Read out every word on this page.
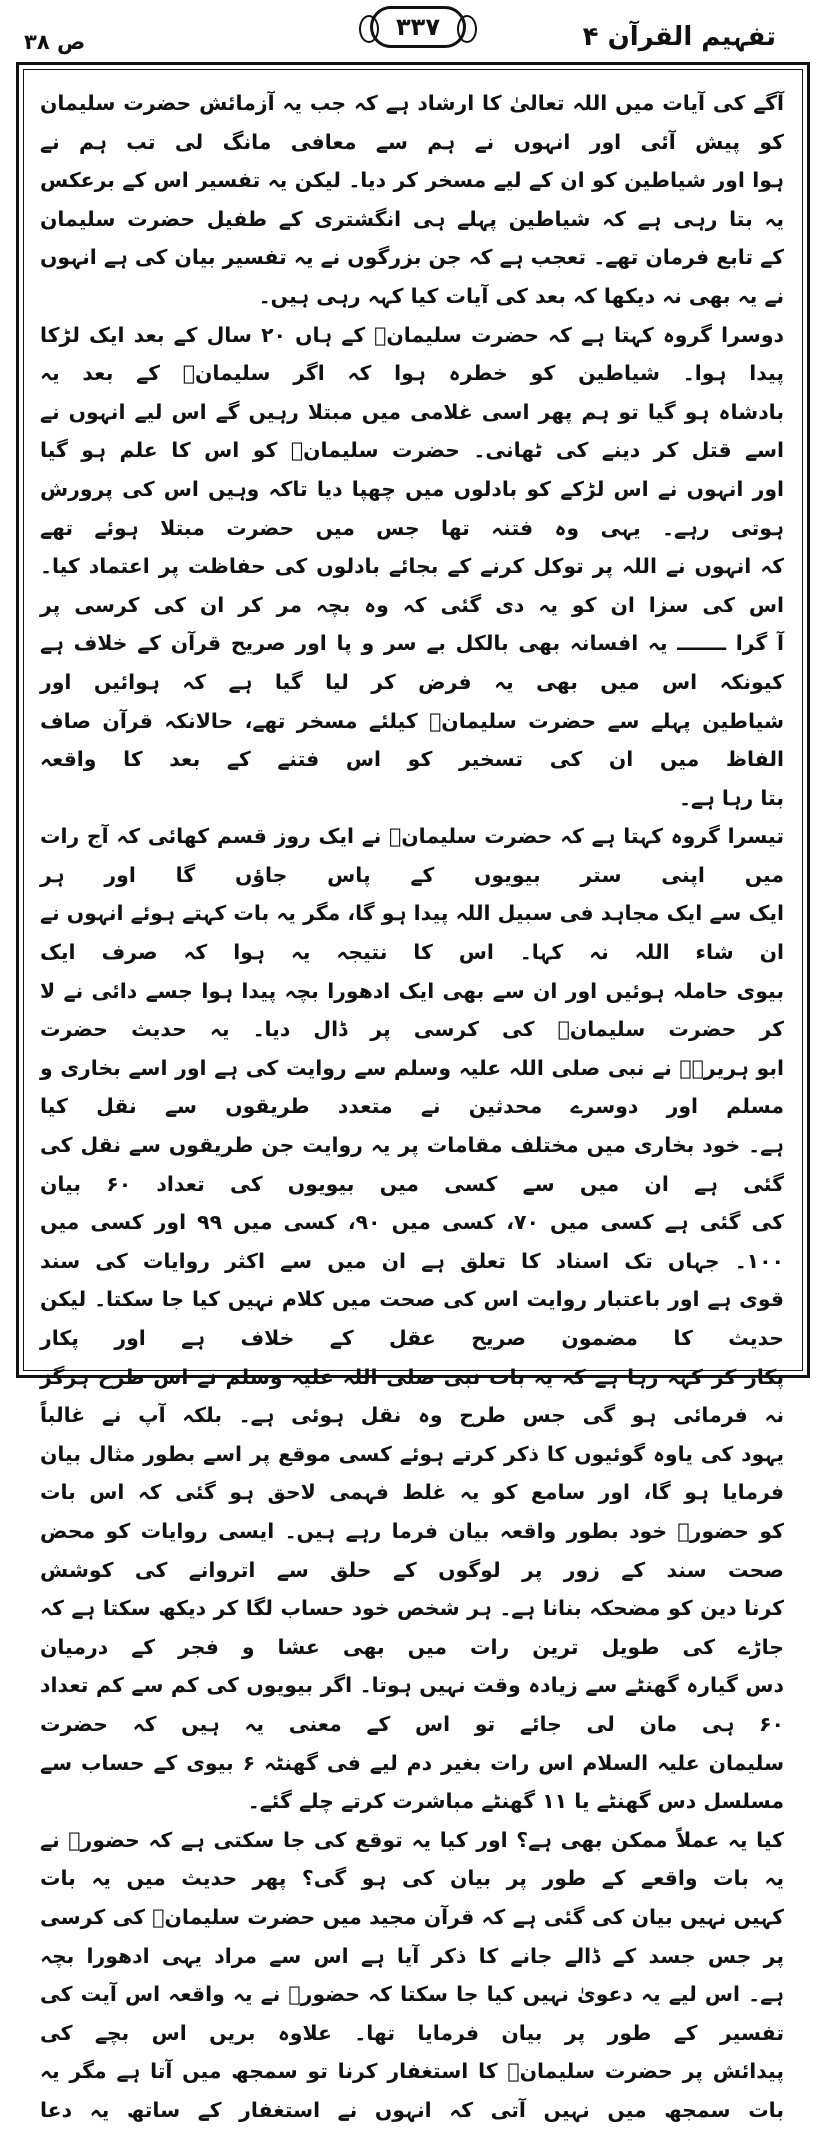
ص ٣٨
٣٣٧	تفہیم القرآن ۴

آگے کی آیات میں اللہ تعالیٰ کا ارشاد ہے کہ جب یہ آزمائش حضرت سلیمان کو پیش آئی اور انہوں نے ہم سے معافی مانگ لی تب ہم نے

ہوا اور شیاطین کو ان کے لیے مسخر کر دیا۔ لیکن یہ تفسیر اس کے برعکس یہ بتا رہی ہے کہ شیاطین پہلے ہی انگشتری کے طفیل حضرت سلیمان

کے تابع فرمان تھے۔ تعجب ہے کہ جن بزرگوں نے یہ تفسیر بیان کی ہے انہوں نے یہ بھی نہ دیکھا کہ بعد کی آیات کیا کہہ رہی ہیں۔

دوسرا گروہ کہتا ہے کہ حضرت سلیمانؑ کے ہاں ۲۰ سال کے بعد ایک لڑکا پیدا ہوا۔ شیاطین کو خطرہ ہوا کہ اگر سلیمانؑ کے بعد یہ

بادشاہ ہو گیا تو ہم پھر اسی غلامی میں مبتلا رہیں گے اس لیے انہوں نے اسے قتل کر دینے کی ٹھانی۔ حضرت سلیمانؑ کو اس کا علم ہو گیا

اور انہوں نے اس لڑکے کو بادلوں میں چھپا دیا تاکہ وہیں اس کی پرورش ہوتی رہے۔ یہی وہ فتنہ تھا جس میں حضرت مبتلا ہوئے تھے

کہ انہوں نے اللہ پر توکل کرنے کے بجائے بادلوں کی حفاظت پر اعتماد کیا۔ اس کی سزا ان کو یہ دی گئی کہ وہ بچہ مر کر ان کی کرسی پر

آ گرا ـــــــ یہ افسانہ بھی بالکل بے سر و پا اور صریح قرآن کے خلاف ہے کیونکہ اس میں بھی یہ فرض کر لیا گیا ہے کہ ہوائیں اور

شیاطین پہلے سے حضرت سلیمانؑ کیلئے مسخر تھے، حالانکہ قرآن صاف الفاظ میں ان کی تسخیر کو اس فتنے کے بعد کا واقعہ

بتا رہا ہے۔

تیسرا گروہ کہتا ہے کہ حضرت سلیمانؑ نے ایک روز قسم کھائی کہ آج رات میں اپنی ستر بیویوں کے پاس جاؤں گا اور ہر

ایک سے ایک مجاہد فی سبیل اللہ پیدا ہو گا، مگر یہ بات کہتے ہوئے انہوں نے ان شاء اللہ نہ کہا۔ اس کا نتیجہ یہ ہوا کہ صرف ایک

بیوی حاملہ ہوئیں اور ان سے بھی ایک ادھورا بچہ پیدا ہوا جسے دائی نے لا کر حضرت سلیمانؑ کی کرسی پر ڈال دیا۔ یہ حدیث حضرت

ابو ہریرہؓ نے نبی صلی اللہ علیہ وسلم سے روایت کی ہے اور اسے بخاری و مسلم اور دوسرے محدثین نے متعدد طریقوں سے نقل کیا

ہے۔ خود بخاری میں مختلف مقامات پر یہ روایت جن طریقوں سے نقل کی گئی ہے ان میں سے کسی میں بیویوں کی تعداد ۶۰ بیان

کی گئی ہے کسی میں ۷۰، کسی میں ۹۰، کسی میں ۹۹ اور کسی میں ۱۰۰۔ جہاں تک اسناد کا تعلق ہے ان میں سے اکثر روایات کی سند

قوی ہے اور باعتبار روایت اس کی صحت میں کلام نہیں کیا جا سکتا۔ لیکن حدیث کا مضمون صریح عقل کے خلاف ہے اور پکار

پکار کر کہہ رہا ہے کہ یہ بات نبی صلی اللہ علیہ وسلم نے اس طرح ہرگز نہ فرمائی ہو گی جس طرح وہ نقل ہوئی ہے۔ بلکہ آپ نے غالباً

یہود کی یاوہ گوئیوں کا ذکر کرتے ہوئے کسی موقع پر اسے بطور مثال بیان فرمایا ہو گا، اور سامع کو یہ غلط فہمی لاحق ہو گئی کہ اس بات

کو حضورؐ خود بطور واقعہ بیان فرما رہے ہیں۔ ایسی روایات کو محض صحت سند کے زور پر لوگوں کے حلق سے اتروانے کی کوشش

کرنا دین کو مضحکہ بنانا ہے۔ ہر شخص خود حساب لگا کر دیکھ سکتا ہے کہ جاڑے کی طویل ترین رات میں بھی عشا و فجر کے درمیان

دس گیارہ گھنٹے سے زیادہ وقت نہیں ہوتا۔ اگر بیویوں کی کم سے کم تعداد ۶۰ ہی مان لی جائے تو اس کے معنی یہ ہیں کہ حضرت

سلیمان علیہ السلام اس رات بغیر دم لیے فی گھنٹہ ۶ بیوی کے حساب سے مسلسل دس گھنٹے یا ۱۱ گھنٹے مباشرت کرتے چلے گئے۔

کیا یہ عملاً ممکن بھی ہے؟ اور کیا یہ توقع کی جا سکتی ہے کہ حضورؐ نے یہ بات واقعے کے طور پر بیان کی ہو گی؟ پھر حدیث میں یہ بات

کہیں نہیں بیان کی گئی ہے کہ قرآن مجید میں حضرت سلیمانؑ کی کرسی پر جس جسد کے ڈالے جانے کا ذکر آیا ہے اس سے مراد یہی ادھورا بچہ

ہے۔ اس لیے یہ دعویٰ نہیں کیا جا سکتا کہ حضورؐ نے یہ واقعہ اس آیت کی تفسیر کے طور پر بیان فرمایا تھا۔ علاوہ بریں اس بچے کی

پیدائش پر حضرت سلیمانؑ کا استغفار کرنا تو سمجھ میں آتا ہے مگر یہ بات سمجھ میں نہیں آتی کہ انہوں نے استغفار کے ساتھ یہ دعا
